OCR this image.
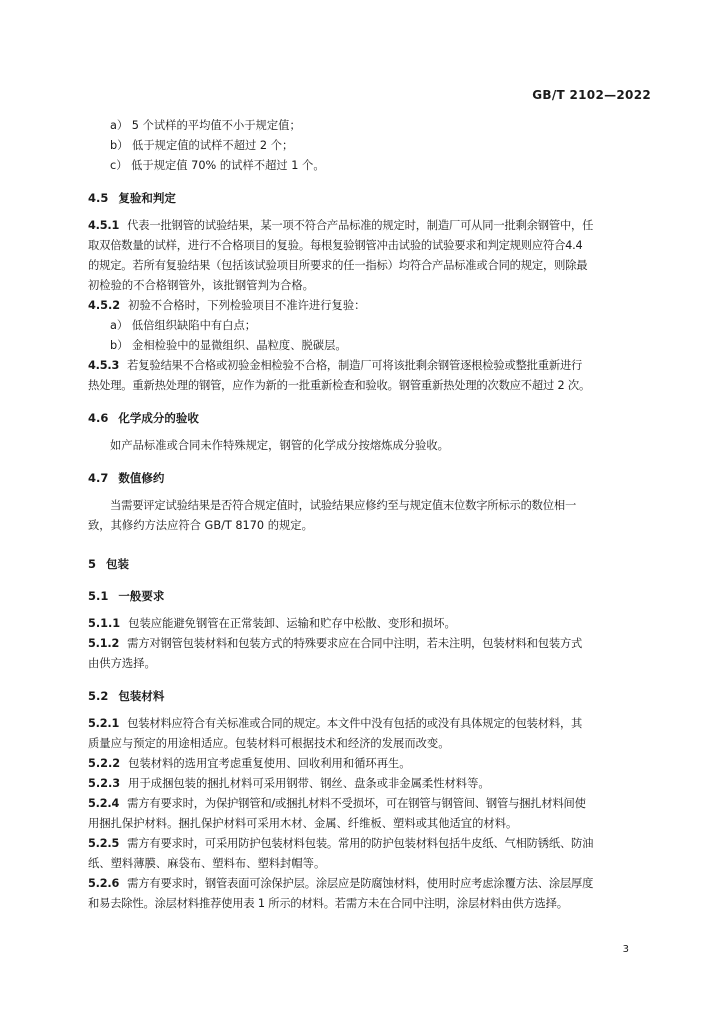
GB/T 2102—2022
a） 5 个试样的平均值不小于规定值；
b） 低于规定值的试样不超过 2 个；
c） 低于规定值 70% 的试样不超过 1 个。
4.5 复验和判定
4.5.1 代表一批钢管的试验结果，某一项不符合产品标准的规定时，制造厂可从同一批剩余钢管中，任
取双倍数量的试样，进行不合格项目的复验。每根复验钢管冲击试验的试验要求和判定规则应符合4.4
的规定。若所有复验结果（包括该试验项目所要求的任一指标）均符合产品标准或合同的规定，则除最
初检验的不合格钢管外，该批钢管判为合格。
4.5.2 初验不合格时，下列检验项目不准许进行复验：
a） 低倍组织缺陷中有白点；
b） 金相检验中的显微组织、晶粒度、脱碳层。
4.5.3 若复验结果不合格或初验金相检验不合格，制造厂可将该批剩余钢管逐根检验或整批重新进行
热处理。重新热处理的钢管，应作为新的一批重新检查和验收。钢管重新热处理的次数应不超过 2 次。
4.6 化学成分的验收
如产品标准或合同未作特殊规定，钢管的化学成分按熔炼成分验收。
4.7 数值修约
当需要评定试验结果是否符合规定值时，试验结果应修约至与规定值末位数字所标示的数位相一
致，其修约方法应符合 GB/T 8170 的规定。
5 包装
5.1 一般要求
5.1.1 包装应能避免钢管在正常装卸、运输和贮存中松散、变形和损坏。
5.1.2 需方对钢管包装材料和包装方式的特殊要求应在合同中注明，若未注明，包装材料和包装方式
由供方选择。
5.2 包装材料
5.2.1 包装材料应符合有关标准或合同的规定。本文件中没有包括的或没有具体规定的包装材料，其
质量应与预定的用途相适应。包装材料可根据技术和经济的发展而改变。
5.2.2 包装材料的选用宜考虑重复使用、回收利用和循环再生。
5.2.3 用于成捆包装的捆扎材料可采用钢带、钢丝、盘条或非金属柔性材料等。
5.2.4 需方有要求时，为保护钢管和/或捆扎材料不受损坏，可在钢管与钢管间、钢管与捆扎材料间使
用捆扎保护材料。捆扎保护材料可采用木材、金属、纤维板、塑料或其他适宜的材料。
5.2.5 需方有要求时，可采用防护包装材料包装。常用的防护包装材料包括牛皮纸、气相防锈纸、防油
纸、塑料薄膜、麻袋布、塑料布、塑料封帽等。
5.2.6 需方有要求时，钢管表面可涂保护层。涂层应是防腐蚀材料，使用时应考虑涂覆方法、涂层厚度
和易去除性。涂层材料推荐使用表 1 所示的材料。若需方未在合同中注明，涂层材料由供方选择。
3
